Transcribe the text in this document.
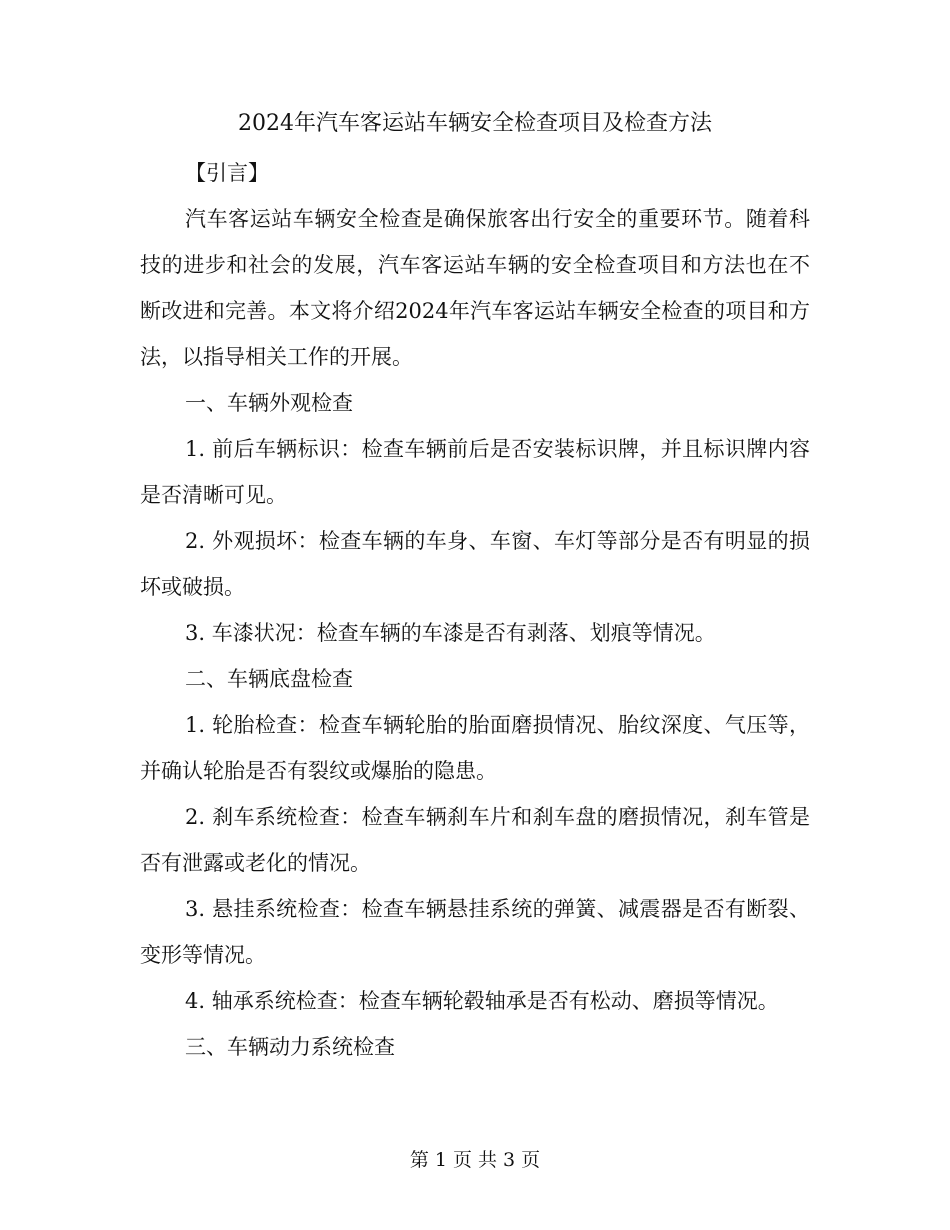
2024年汽车客运站车辆安全检查项目及检查方法

【引言】

汽车客运站车辆安全检查是确保旅客出行安全的重要环节。随着科技的进步和社会的发展，汽车客运站车辆的安全检查项目和方法也在不断改进和完善。本文将介绍2024年汽车客运站车辆安全检查的项目和方法，以指导相关工作的开展。

一、车辆外观检查

1. 前后车辆标识：检查车辆前后是否安装标识牌，并且标识牌内容是否清晰可见。

2. 外观损坏：检查车辆的车身、车窗、车灯等部分是否有明显的损坏或破损。

3. 车漆状况：检查车辆的车漆是否有剥落、划痕等情况。

二、车辆底盘检查

1. 轮胎检查：检查车辆轮胎的胎面磨损情况、胎纹深度、气压等，并确认轮胎是否有裂纹或爆胎的隐患。

2. 刹车系统检查：检查车辆刹车片和刹车盘的磨损情况，刹车管是否有泄露或老化的情况。

3. 悬挂系统检查：检查车辆悬挂系统的弹簧、减震器是否有断裂、变形等情况。

4. 轴承系统检查：检查车辆轮毂轴承是否有松动、磨损等情况。

三、车辆动力系统检查

第 1 页 共 3 页
